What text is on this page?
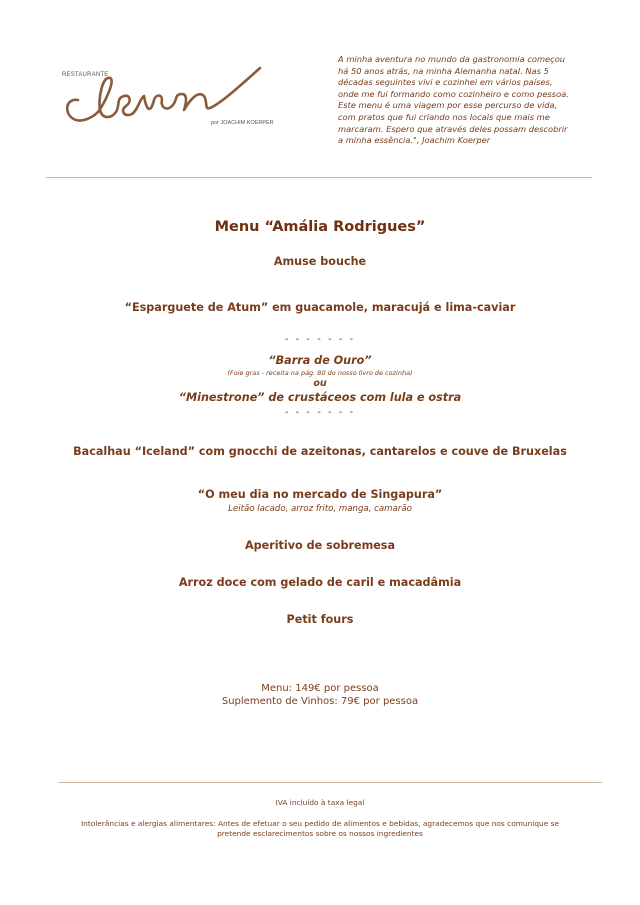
RESTAURANTE
por JOACHIM KOERPER
A minha aventura no mundo da gastronomia começou há 50 anos atrás, na minha Alemanha natal. Nas 5 décadas seguintes vivi e cozinhei em vários países, onde me fui formando como cozinheiro e como pessoa. Este menu é uma viagem por esse percurso de vida, com pratos que fui criando nos locais que mais me marcaram. Espero que através deles possam descobrir a minha essência.", Joachim Koerper
Menu “Amália Rodrigues”
Amuse bouche
“Esparguete de Atum” em guacamole, maracujá e lima-caviar
- - - - - - -
“Barra de Ouro”
(Foie gras - receita na pág. 80 do nosso livro de cozinha)
ou
“Minestrone” de crustáceos com lula e ostra
- - - - - - -
Bacalhau “Iceland” com gnocchi de azeitonas, cantarelos e couve de Bruxelas
“O meu dia no mercado de Singapura”
Leitão lacado, arroz frito, manga, camarão
Aperitivo de sobremesa
Arroz doce com gelado de caril e macadâmia
Petit fours
Menu: 149€ por pessoa
Suplemento de Vinhos: 79€ por pessoa
IVA incluído à taxa legal
Intolerâncias e alergias alimentares: Antes de efetuar o seu pedido de alimentos e bebidas, agradecemos que nos comunique se pretende esclarecimentos sobre os nossos ingredientes
